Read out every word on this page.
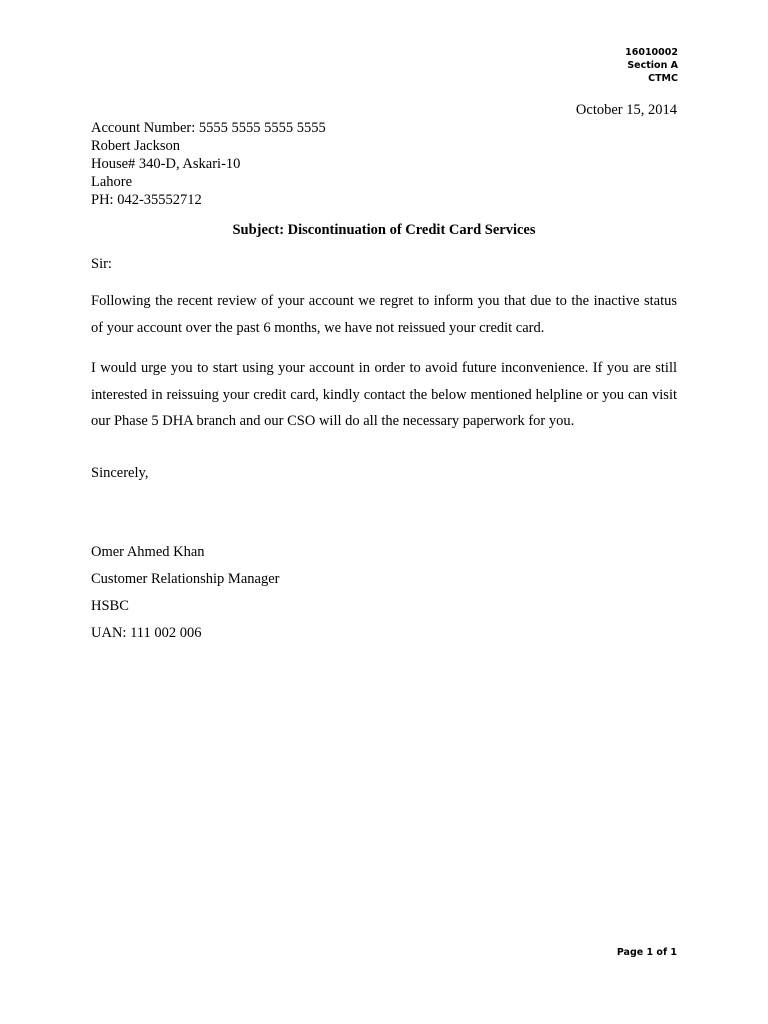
16010002
Section A
CTMC
October 15, 2014
Account Number: 5555 5555 5555 5555
Robert Jackson
House# 340-D, Askari-10
Lahore
PH: 042-35552712
Subject: Discontinuation of Credit Card Services
Sir:
Following the recent review of your account we regret to inform you that due to the inactive status of your account over the past 6 months, we have not reissued your credit card.
I would urge you to start using your account in order to avoid future inconvenience. If you are still interested in reissuing your credit card, kindly contact the below mentioned helpline or you can visit our Phase 5 DHA branch and our CSO will do all the necessary paperwork for you.
Sincerely,
Omer Ahmed Khan
Customer Relationship Manager
HSBC
UAN: 111 002 006
Page 1 of 1
